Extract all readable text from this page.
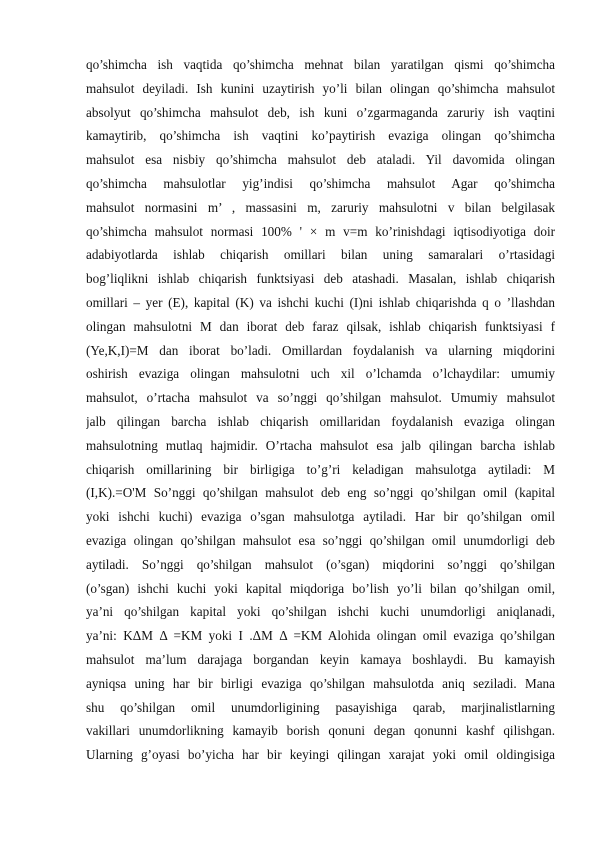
qo’shimcha ish vaqtida qo’shimcha mehnat bilan yaratilgan qismi qo’shimcha
mahsulot deyiladi. Ish kunini uzaytirish yo’li bilan olingan qo’shimcha mahsulot
absolyut qo’shimcha mahsulot deb, ish kuni o’zgarmaganda zaruriy ish vaqtini
kamaytirib, qo’shimcha ish vaqtini ko’paytirish evaziga olingan qo’shimcha
mahsulot esa nisbiy qo’shimcha mahsulot deb ataladi. Yil davomida olingan
qo’shimcha mahsulotlar yig’indisi qo’shimcha mahsulot Agar qo’shimcha
mahsulot normasini m’ , massasini m, zaruriy mahsulotni v bilan belgilasak
qo’shimcha mahsulot normasi 100% ' × m v=m ko’rinishdagi iqtisodiyotiga doir
adabiyotlarda ishlab chiqarish omillari bilan uning samaralari o’rtasidagi
bog’liqlikni ishlab chiqarish funktsiyasi deb atashadi. Masalan, ishlab chiqarish
omillari – yer (E), kapital (K) va ishchi kuchi (I)ni ishlab chiqarishda q o ’llashdan
olingan mahsulotni M dan iborat deb faraz qilsak, ishlab chiqarish funktsiyasi f
(Ye,K,I)=M dan iborat bo’ladi. Omillardan foydalanish va ularning miqdorini
oshirish evaziga olingan mahsulotni uch xil o’lchamda o’lchaydilar: umumiy
mahsulot, o’rtacha mahsulot va so’nggi qo’shilgan mahsulot. Umumiy mahsulot
jalb qilingan barcha ishlab chiqarish omillaridan foydalanish evaziga olingan
mahsulotning mutlaq hajmidir. O’rtacha mahsulot esa jalb qilingan barcha ishlab
chiqarish omillarining bir birligiga to’g’ri keladigan mahsulotga aytiladi: M
(I,K).=O'M So’nggi qo’shilgan mahsulot deb eng so’nggi qo’shilgan omil (kapital
yoki ishchi kuchi) evaziga o’sgan mahsulotga aytiladi. Har bir qo’shilgan omil
evaziga olingan qo’shilgan mahsulot esa so’nggi qo’shilgan omil unumdorligi deb
aytiladi. So’nggi qo’shilgan mahsulot (o’sgan) miqdorini so’nggi qo’shilgan
(o’sgan) ishchi kuchi yoki kapital miqdoriga bo’lish yo’li bilan qo’shilgan omil,
ya’ni qo’shilgan kapital yoki qo’shilgan ishchi kuchi unumdorligi aniqlanadi,
ya’ni: KΔM Δ =KM yoki I .ΔM Δ =KM Alohida olingan omil evaziga qo’shilgan
mahsulot ma’lum darajaga borgandan keyin kamaya boshlaydi. Bu kamayish
ayniqsa uning har bir birligi evaziga qo’shilgan mahsulotda aniq seziladi. Mana
shu qo’shilgan omil unumdorligining pasayishiga qarab, marjinalistlarning
vakillari unumdorlikning kamayib borish qonuni degan qonunni kashf qilishgan.
Ularning g’oyasi bo’yicha har bir keyingi qilingan xarajat yoki omil oldingisiga
